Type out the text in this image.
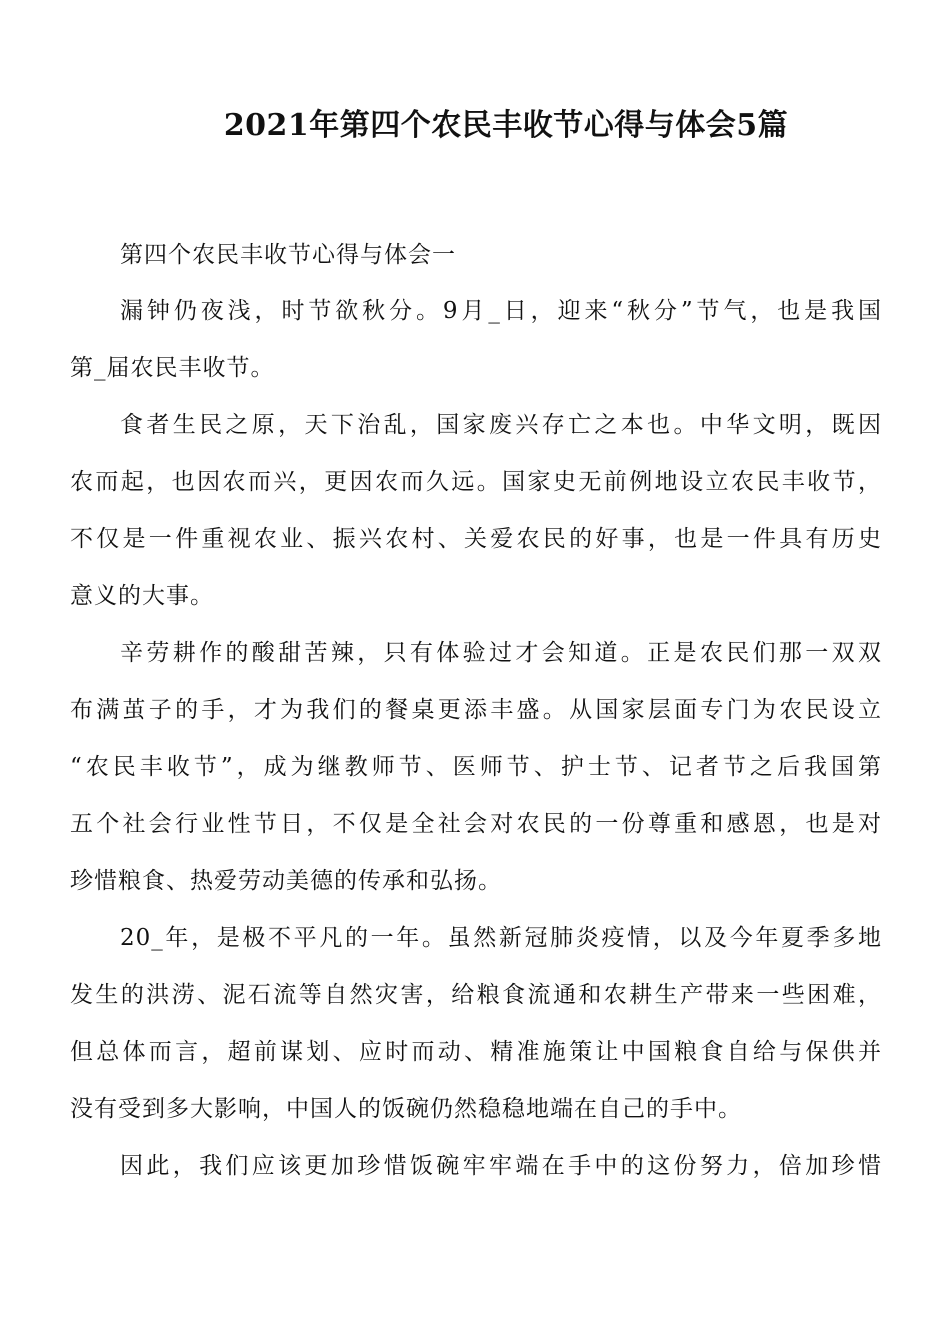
2021年第四个农民丰收节心得与体会5篇
第四个农民丰收节心得与体会一
漏钟仍夜浅，时节欲秋分。9月_日，迎来“秋分”节气，也是我国
第_届农民丰收节。
食者生民之原，天下治乱，国家废兴存亡之本也。中华文明，既因
农而起，也因农而兴，更因农而久远。国家史无前例地设立农民丰收节，
不仅是一件重视农业、振兴农村、关爱农民的好事，也是一件具有历史
意义的大事。
辛劳耕作的酸甜苦辣，只有体验过才会知道。正是农民们那一双双
布满茧子的手，才为我们的餐桌更添丰盛。从国家层面专门为农民设立
“农民丰收节”，成为继教师节、医师节、护士节、记者节之后我国第
五个社会行业性节日，不仅是全社会对农民的一份尊重和感恩，也是对
珍惜粮食、热爱劳动美德的传承和弘扬。
20_年，是极不平凡的一年。虽然新冠肺炎疫情，以及今年夏季多地
发生的洪涝、泥石流等自然灾害，给粮食流通和农耕生产带来一些困难，
但总体而言，超前谋划、应时而动、精准施策让中国粮食自给与保供并
没有受到多大影响，中国人的饭碗仍然稳稳地端在自己的手中。
因此，我们应该更加珍惜饭碗牢牢端在手中的这份努力，倍加珍惜
